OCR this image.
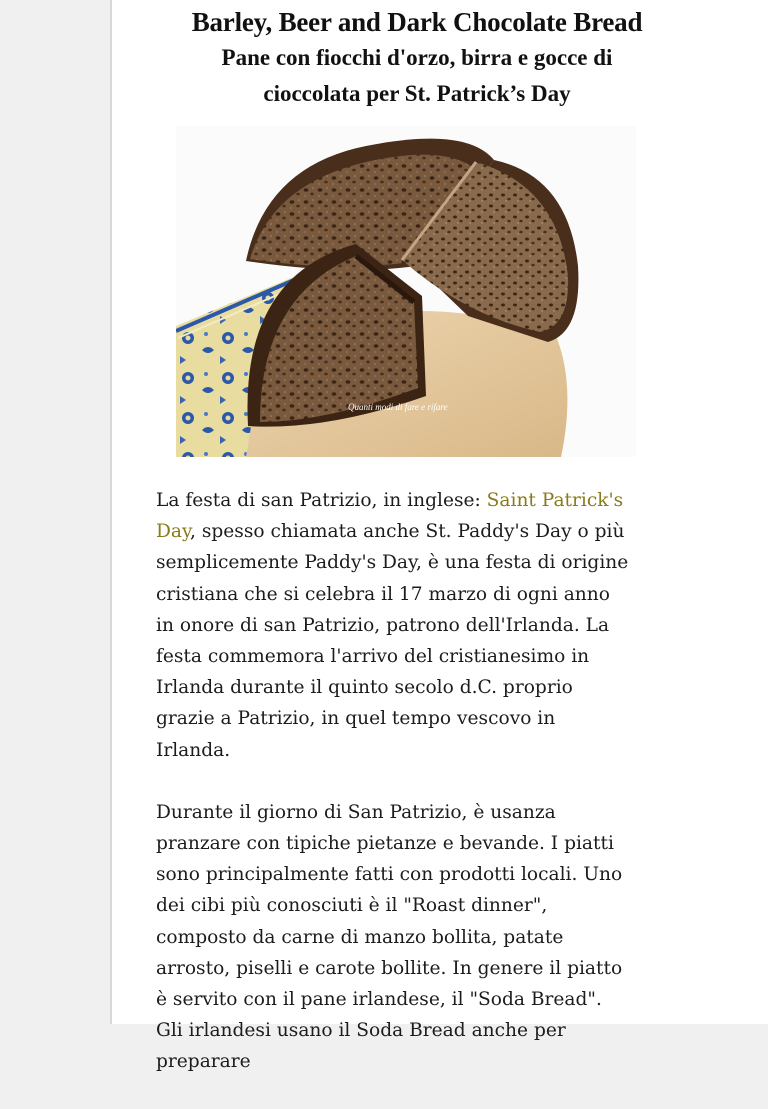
Barley, Beer and Dark Chocolate Bread
Pane con fiocchi d'orzo, birra e gocce di cioccolata per St. Patrick’s Day
Quanti modi di fare e rifare

La festa di san Patrizio, in inglese: Saint Patrick's Day, spesso chiamata anche St. Paddy's Day o più semplicemente Paddy's Day, è una festa di origine cristiana che si celebra il 17 marzo di ogni anno in onore di san Patrizio, patrono dell'Irlanda. La festa commemora l'arrivo del cristianesimo in Irlanda durante il quinto secolo d.C. proprio grazie a Patrizio, in quel tempo vescovo in Irlanda.

Durante il giorno di San Patrizio, è usanza pranzare con tipiche pietanze e bevande. I piatti sono principalmente fatti con prodotti locali. Uno dei cibi più conosciuti è il "Roast dinner", composto da carne di manzo bollita, patate arrosto, piselli e carote bollite. In genere il piatto è servito con il pane irlandese, il "Soda Bread". Gli irlandesi usano il Soda Bread anche per preparare
